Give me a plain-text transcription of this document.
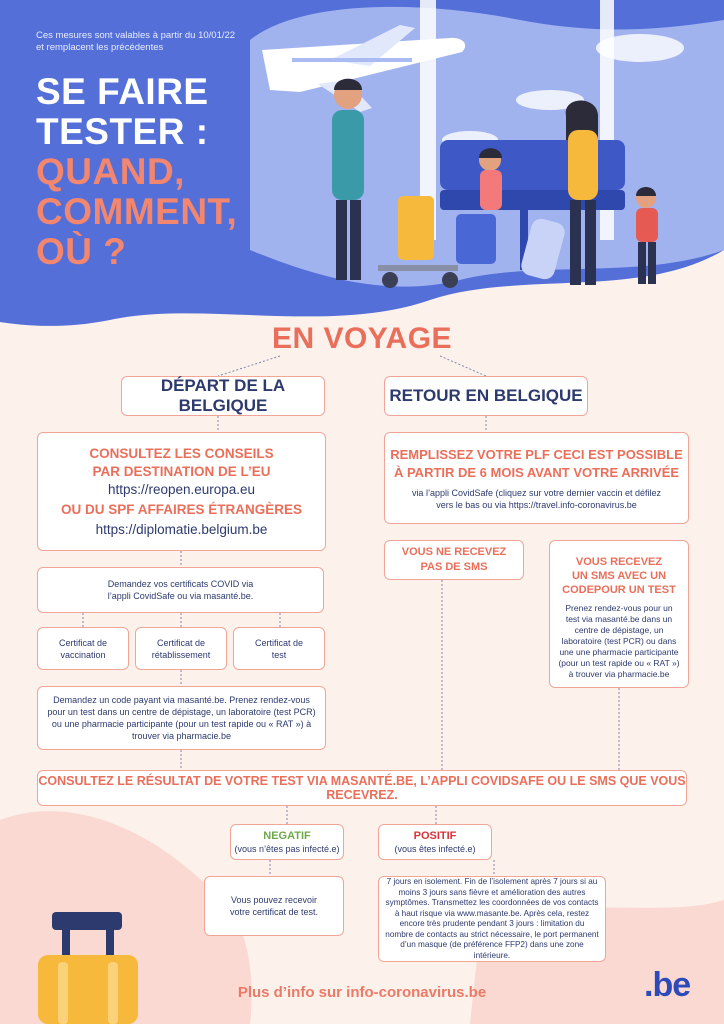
Ces mesures sont valables à partir du 10/01/22 et remplacent les précédentes
SE FAIRE
TESTER :
QUAND,
COMMENT,
OÙ ?
EN VOYAGE
DÉPART DE LA BELGIQUE
CONSULTEZ LES CONSEILS
PAR DESTINATION DE L’EU
https://reopen.europa.eu
OU DU SPF AFFAIRES ÉTRANGÈRES
https://diplomatie.belgium.be
Demandez vos certificats COVID via l’appli CovidSafe ou via masanté.be.
Certificat de vaccination
Certificat de rétablissement
Certificat de test
Demandez un code payant via masanté.be. Prenez rendez-vous pour un test dans un centre de dépistage, un laboratoire (test PCR) ou une pharmacie participante (pour un test rapide ou « RAT ») à trouver via pharmacie.be
RETOUR EN BELGIQUE
REMPLISSEZ VOTRE PLF CECI EST POSSIBLE
À PARTIR DE 6 MOIS AVANT VOTRE ARRIVÉE
via l’appli CovidSafe (cliquez sur votre dernier vaccin et défilez vers le bas ou via https://travel.info-coronavirus.be
VOUS NE RECEVEZ
PAS DE SMS	VOUS RECEVEZ
UN SMS AVEC UN
CODEPOUR UN TEST
Prenez rendez-vous pour un test via masanté.be dans un centre de dépistage, un laboratoire (test PCR) ou dans une une pharmacie participante (pour un test rapide ou « RAT ») à trouver via pharmacie.be
CONSULTEZ LE RÉSULTAT DE VOTRE TEST VIA MASANTÉ.BE, L’APPLI COVIDSAFE OU LE SMS QUE VOUS RECEVREZ.
NEGATIF
(vous n’êtes pas infecté.e)
POSITIF
(vous êtes infecté.e)
Vous pouvez recevoir votre certificat de test.
7 jours en isolement. Fin de l’isolement après 7 jours si au moins 3 jours sans fièvre et amélioration des autres symptômes. Transmettez les coordonnées de vos contacts à haut risque via www.masante.be. Après cela, restez encore très prudente pendant 3 jours : limitation du nombre de contacts au strict nécessaire, le port permanent d’un masque (de préférence FFP2) dans une zone intérieure.
Plus d’info sur info-coronavirus.be	.be
